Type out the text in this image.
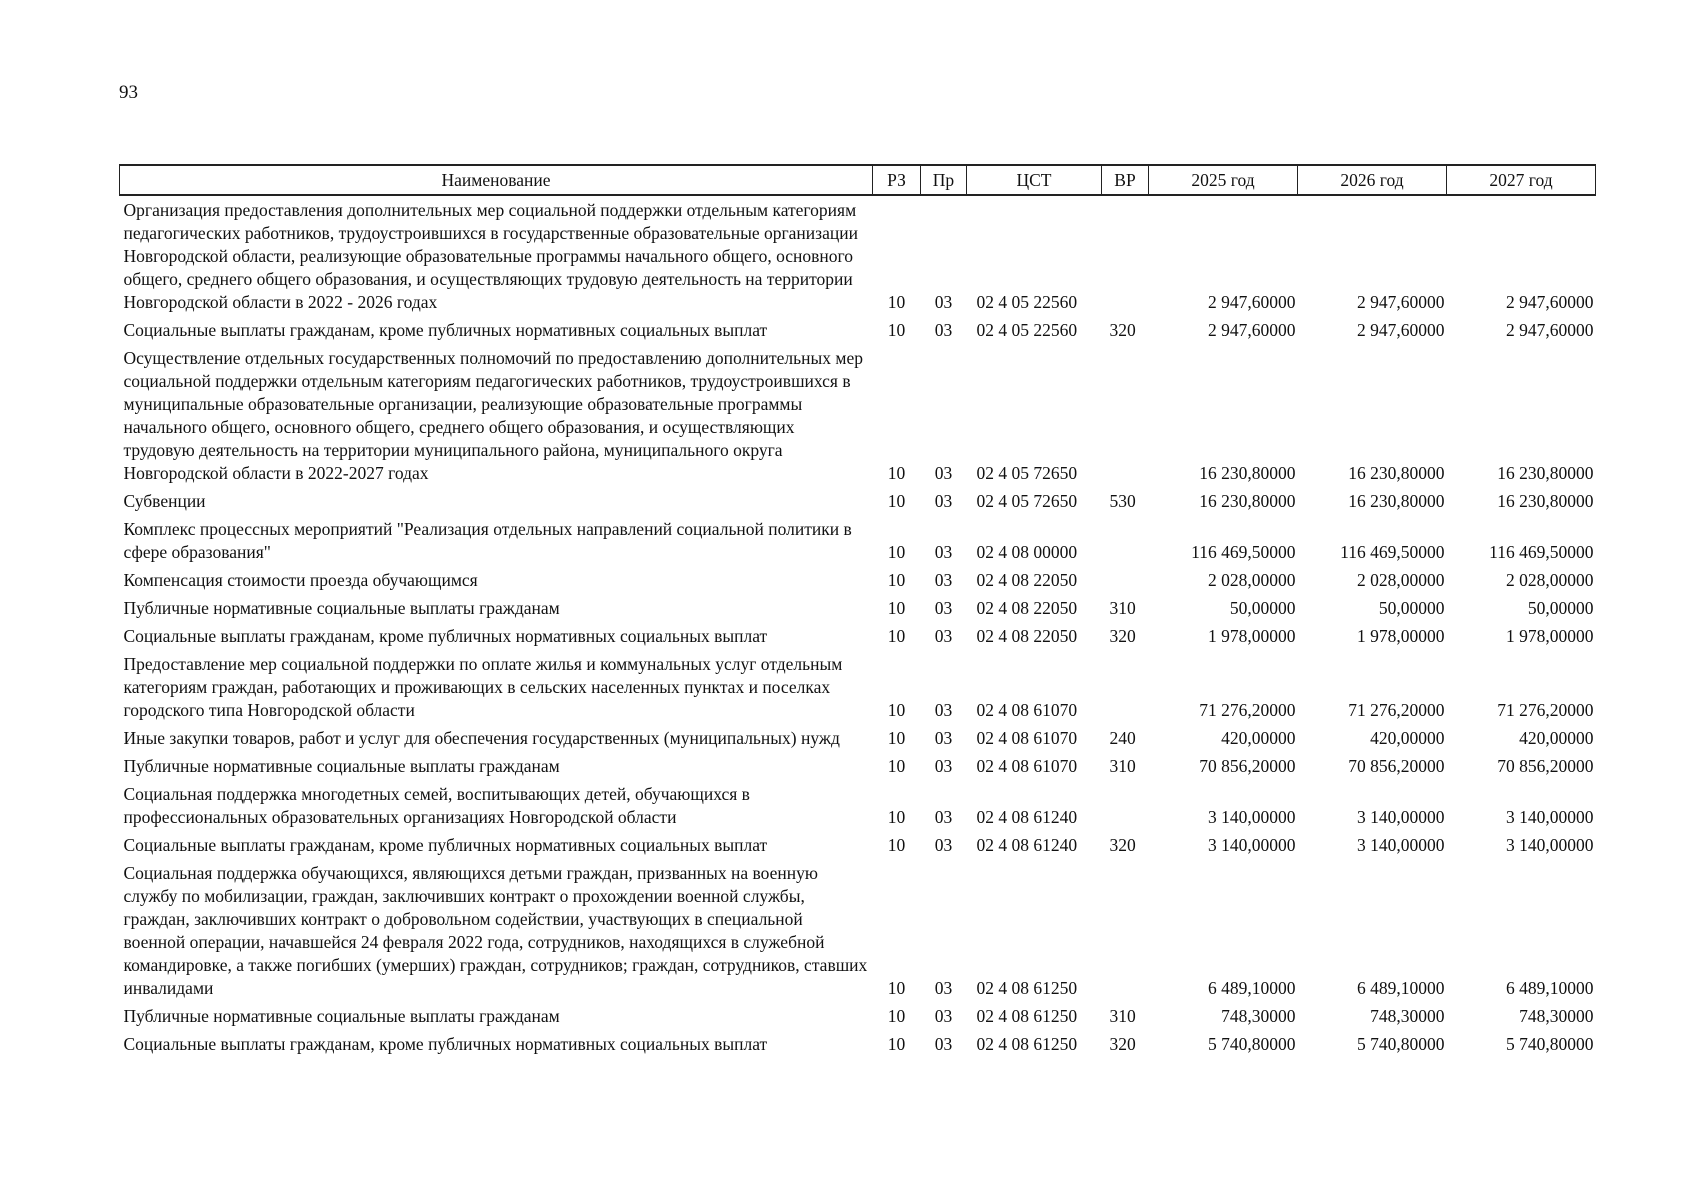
93
Наименование	РЗ	Пр	ЦСТ	ВР	2025 год	2026 год	2027 год
Организация предоставления дополнительных мер социальной поддержки отдельным категориям педагогических работников, трудоустроившихся в государственные образовательные организации Новгородской области, реализующие образовательные программы начального общего, основного общего, среднего общего образования, и осуществляющих трудовую деятельность на территории Новгородской области в 2022 - 2026 годах	10	03	02 4 05 22560		2 947,60000	2 947,60000	2 947,60000
Социальные выплаты гражданам, кроме публичных нормативных социальных выплат	10	03	02 4 05 22560	320	2 947,60000	2 947,60000	2 947,60000
Осуществление отдельных государственных полномочий по предоставлению дополнительных мер социальной поддержки отдельным категориям педагогических работников, трудоустроившихся в муниципальные образовательные организации, реализующие образовательные программы начального общего, основного общего, среднего общего образования, и осуществляющих трудовую деятельность на территории муниципального района, муниципального округа Новгородской области в 2022-2027 годах	10	03	02 4 05 72650		16 230,80000	16 230,80000	16 230,80000
Субвенции	10	03	02 4 05 72650	530	16 230,80000	16 230,80000	16 230,80000
Комплекс процессных мероприятий "Реализация отдельных направлений социальной политики в сфере образования"	10	03	02 4 08 00000		116 469,50000	116 469,50000	116 469,50000
Компенсация стоимости проезда обучающимся	10	03	02 4 08 22050		2 028,00000	2 028,00000	2 028,00000
Публичные нормативные социальные выплаты гражданам	10	03	02 4 08 22050	310	50,00000	50,00000	50,00000
Социальные выплаты гражданам, кроме публичных нормативных социальных выплат	10	03	02 4 08 22050	320	1 978,00000	1 978,00000	1 978,00000
Предоставление мер социальной поддержки по оплате жилья и коммунальных услуг отдельным категориям граждан, работающих и проживающих в сельских населенных пунктах и поселках городского типа Новгородской области	10	03	02 4 08 61070		71 276,20000	71 276,20000	71 276,20000
Иные закупки товаров, работ и услуг для обеспечения государственных (муниципальных) нужд	10	03	02 4 08 61070	240	420,00000	420,00000	420,00000
Публичные нормативные социальные выплаты гражданам	10	03	02 4 08 61070	310	70 856,20000	70 856,20000	70 856,20000
Социальная поддержка многодетных семей, воспитывающих детей, обучающихся в профессиональных образовательных организациях Новгородской области	10	03	02 4 08 61240		3 140,00000	3 140,00000	3 140,00000
Социальные выплаты гражданам, кроме публичных нормативных социальных выплат	10	03	02 4 08 61240	320	3 140,00000	3 140,00000	3 140,00000
Социальная поддержка обучающихся, являющихся детьми граждан, призванных на военную службу по мобилизации, граждан, заключивших контракт о прохождении военной службы, граждан, заключивших контракт о добровольном содействии, участвующих в специальной военной операции, начавшейся 24 февраля 2022 года, сотрудников, находящихся в служебной командировке, а также погибших (умерших) граждан, сотрудников; граждан, сотрудников, ставших инвалидами	10	03	02 4 08 61250		6 489,10000	6 489,10000	6 489,10000
Публичные нормативные социальные выплаты гражданам	10	03	02 4 08 61250	310	748,30000	748,30000	748,30000
Социальные выплаты гражданам, кроме публичных нормативных социальных выплат	10	03	02 4 08 61250	320	5 740,80000	5 740,80000	5 740,80000
